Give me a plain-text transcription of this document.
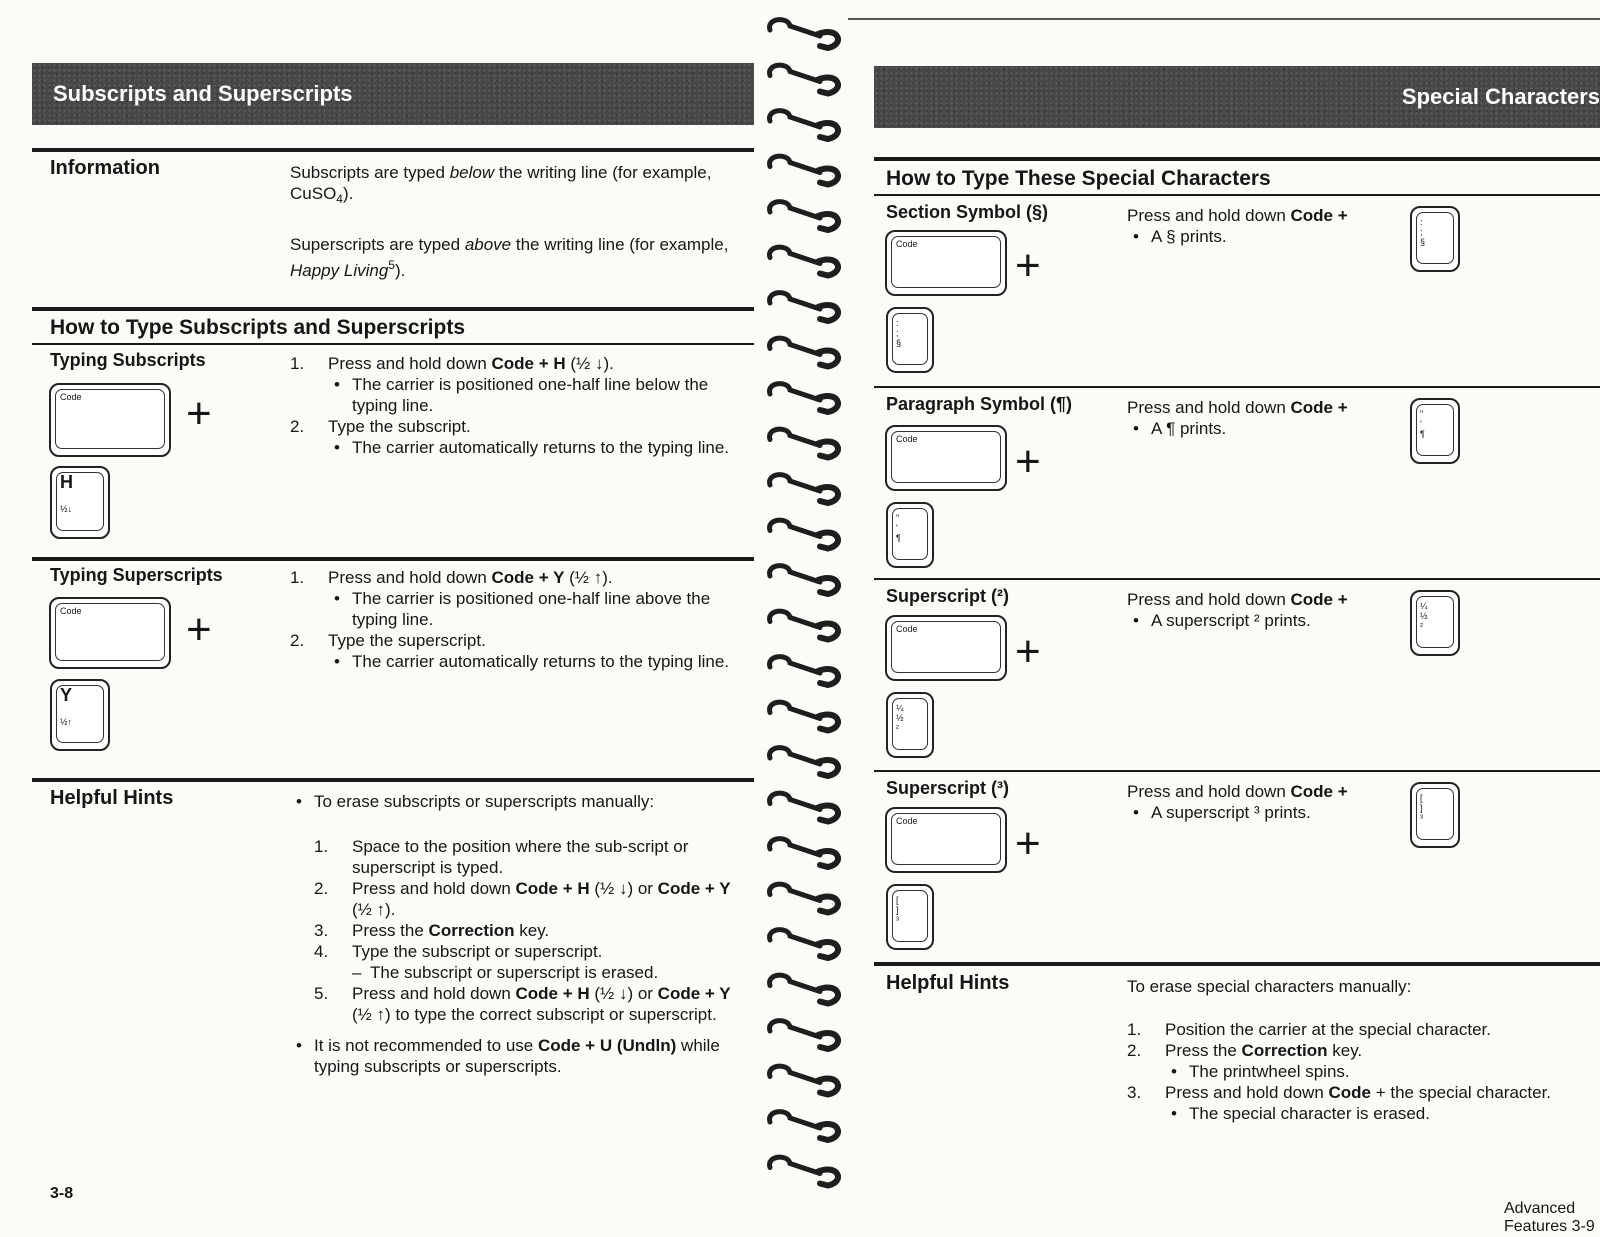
Subscripts and Superscripts
Information	Subscripts are typed below the writing line (for example, CuSO$_4$).
Superscripts are typed above the writing line (for example, Happy Living$^5$).
How to Type Subscripts and Superscripts
Typing Subscripts
Code +
H
½↓
1. Press and hold down Code + H (½ ↓).
• The carrier is positioned one-half line below the typing line.
2. Type the subscript.
• The carrier automatically returns to the typing line.
Typing Superscripts
Code +
Y
½↑
1. Press and hold down Code + Y (½ ↑).
• The carrier is positioned one-half line above the typing line.
2. Type the superscript.
• The carrier automatically returns to the typing line.
Helpful Hints
•	To erase subscripts or superscripts manually:
1. Space to the position where the sub-script or superscript is typed.
2. Press and hold down Code + H (½ ↓) or Code + Y (½ ↑).
3. Press the Correction key.
4. Type the subscript or superscript.
– The subscript or superscript is erased.
5. Press and hold down Code + H (½ ↓) or Code + Y (½ ↑) to type the correct subscript or superscript.
• It is not recommended to use Code + U (Undln) while typing subscripts or superscripts.
3-8
Special Characters
How to Type These Special Characters
Section Symbol (§)
Code +
:
;
§
Press and hold down Code +
• A § prints.
:
;
§
Paragraph Symbol (¶)
Code +
"
'
¶
Press and hold down Code +
• A ¶ prints.
"
'
¶
Superscript (²)
Code +
¼
½
²
Press and hold down Code +
• A superscript ² prints.
¼
½
²
Superscript (³)
Code +
[
]
³
Press and hold down Code +
• A superscript ³ prints.
[
]
³
Helpful Hints	To erase special characters manually:
1. Position the carrier at the special character.
2. Press the Correction key.
• The printwheel spins.
3. Press and hold down Code + the special character.
• The special character is erased.
Advanced Features 3-9
